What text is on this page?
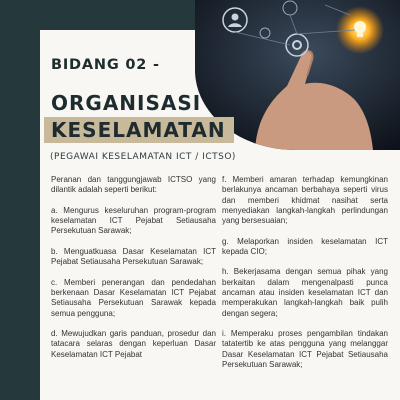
BIDANG 02 -
ORGANISASI
KESELAMATAN
(PEGAWAI KESELAMATAN ICT / ICTSO)

Peranan dan tanggungjawab ICTSO yang dilantik adalah seperti berikut:

a. Mengurus keseluruhan program-program keselamatan ICT Pejabat Setiausaha Persekutuan Sarawak;

b. Menguatkuasa Dasar Keselamatan ICT Pejabat Setiausaha Persekutuan Sarawak;

c. Memberi penerangan dan pendedahan berkenaan Dasar Keselamatan ICT Pejabat Setiausaha Persekutuan Sarawak kepada semua pengguna;

d. Mewujudkan garis panduan, prosedur dan tatacara selaras dengan keperluan Dasar Keselamatan ICT Pejabat

f. Memberi amaran terhadap kemungkinan berlakunya ancaman berbahaya seperti virus dan memberi khidmat nasihat serta menyediakan langkah-langkah perlindungan yang bersesuaian;

g. Melaporkan insiden keselamatan ICT kepada CIO;

h. Bekerjasama dengan semua pihak yang berkaitan dalam mengenalpasti punca ancaman atau insiden keselamatan ICT dan memperakukan langkah-langkah baik pulih dengan segera;

i. Memperaku proses pengambilan tindakan tatatertib ke atas pengguna yang melanggar Dasar Keselamatan ICT Pejabat Setiausaha Persekutuan Sarawak;
